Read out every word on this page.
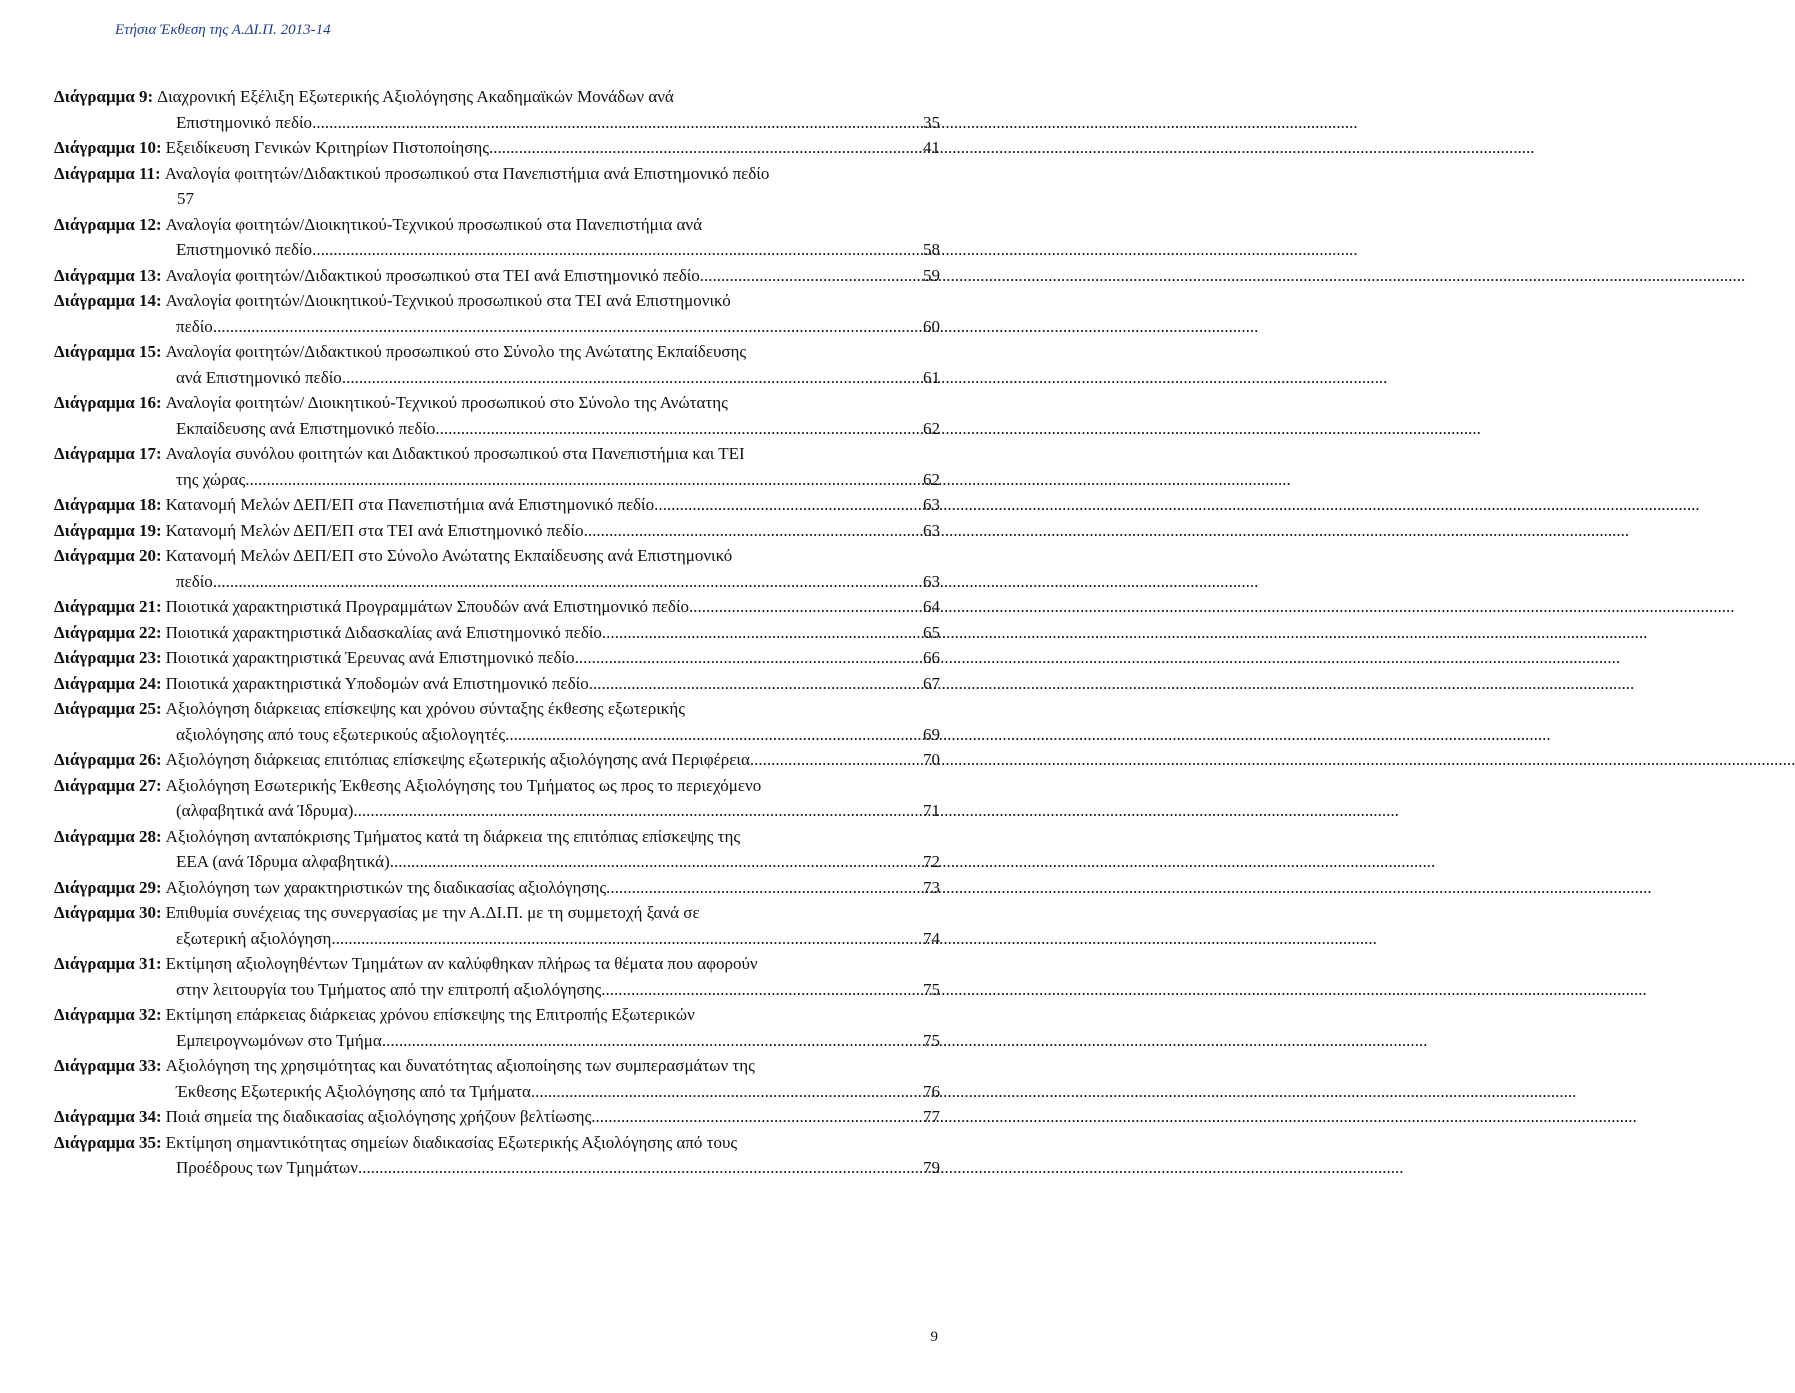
Ετήσια Έκθεση της Α.ΔΙ.Π. 2013-14
Διάγραμμα 9: Διαχρονική Εξέλιξη Εξωτερικής Αξιολόγησης Ακαδημαϊκών Μονάδων ανά
Επιστημονικό πεδίο .....	35
Διάγραμμα 10: Εξειδίκευση Γενικών Κριτηρίων Πιστοποίησης .....	41
Διάγραμμα 11: Αναλογία φοιτητών/Διδακτικού προσωπικού στα Πανεπιστήμια ανά Επιστημονικό πεδίο
57
Διάγραμμα 12: Αναλογία φοιτητών/Διοικητικού-Τεχνικού προσωπικού στα Πανεπιστήμια ανά
Επιστημονικό πεδίο .....	58
Διάγραμμα 13: Αναλογία φοιτητών/Διδακτικού προσωπικού στα ΤΕΙ ανά Επιστημονικό πεδίο .....	59
Διάγραμμα 14: Αναλογία φοιτητών/Διοικητικού-Τεχνικού προσωπικού στα ΤΕΙ ανά Επιστημονικό
πεδίο .....	60
Διάγραμμα 15: Αναλογία φοιτητών/Διδακτικού προσωπικού στο Σύνολο της Ανώτατης Εκπαίδευσης
ανά Επιστημονικό πεδίο .....	61
Διάγραμμα 16: Αναλογία φοιτητών/ Διοικητικού-Τεχνικού προσωπικού στο Σύνολο της Ανώτατης
Εκπαίδευσης ανά Επιστημονικό πεδίο .....	62
Διάγραμμα 17: Αναλογία συνόλου φοιτητών και Διδακτικού προσωπικού στα Πανεπιστήμια και ΤΕΙ
της χώρας .....	62
Διάγραμμα 18: Κατανομή Μελών ΔΕΠ/ΕΠ στα Πανεπιστήμια ανά Επιστημονικό πεδίο .....	63
Διάγραμμα 19: Κατανομή Μελών ΔΕΠ/ΕΠ στα ΤΕΙ ανά Επιστημονικό πεδίο .....	63
Διάγραμμα 20: Κατανομή Μελών ΔΕΠ/ΕΠ στο Σύνολο Ανώτατης Εκπαίδευσης ανά Επιστημονικό
πεδίο .....	63
Διάγραμμα 21: Ποιοτικά χαρακτηριστικά Προγραμμάτων Σπουδών ανά Επιστημονικό πεδίο .....	64
Διάγραμμα 22: Ποιοτικά χαρακτηριστικά Διδασκαλίας ανά Επιστημονικό πεδίο .....	65
Διάγραμμα 23: Ποιοτικά χαρακτηριστικά Έρευνας ανά Επιστημονικό πεδίο .....	66
Διάγραμμα 24: Ποιοτικά χαρακτηριστικά Υποδομών ανά Επιστημονικό πεδίο .....	67
Διάγραμμα 25: Αξιολόγηση διάρκειας επίσκεψης και χρόνου σύνταξης έκθεσης εξωτερικής
αξιολόγησης από τους εξωτερικούς αξιολογητές .....	69
Διάγραμμα 26: Αξιολόγηση διάρκειας επιτόπιας επίσκεψης εξωτερικής αξιολόγησης ανά Περιφέρεια .....	70
Διάγραμμα 27: Αξιολόγηση Εσωτερικής Έκθεσης Αξιολόγησης του Τμήματος ως προς το περιεχόμενο
(αλφαβητικά ανά Ίδρυμα) .....	71
Διάγραμμα 28: Αξιολόγηση ανταπόκρισης Τμήματος κατά τη διάρκεια της επιτόπιας επίσκεψης της
ΕΕΑ (ανά Ίδρυμα αλφαβητικά) .....	72
Διάγραμμα 29: Αξιολόγηση των χαρακτηριστικών της διαδικασίας αξιολόγησης .....	73
Διάγραμμα 30: Επιθυμία συνέχειας της συνεργασίας με την Α.ΔΙ.Π. με τη συμμετοχή ξανά σε
εξωτερική αξιολόγηση .....	74
Διάγραμμα 31: Εκτίμηση αξιολογηθέντων Τμημάτων αν καλύφθηκαν πλήρως τα θέματα που αφορούν
στην λειτουργία του Τμήματος από την επιτροπή αξιολόγησης .....	75
Διάγραμμα 32: Εκτίμηση επάρκειας διάρκειας χρόνου επίσκεψης της Επιτροπής Εξωτερικών
Εμπειρογνωμόνων στο Τμήμα .....	75
Διάγραμμα 33: Αξιολόγηση της χρησιμότητας και δυνατότητας αξιοποίησης των συμπερασμάτων της
Έκθεσης Εξωτερικής Αξιολόγησης από τα Τμήματα .....	76
Διάγραμμα 34: Ποιά σημεία της διαδικασίας αξιολόγησης χρήζουν βελτίωσης .....	77
Διάγραμμα 35: Εκτίμηση σημαντικότητας σημείων διαδικασίας Εξωτερικής Αξιολόγησης από τους
Προέδρους των Τμημάτων .....	79
9
